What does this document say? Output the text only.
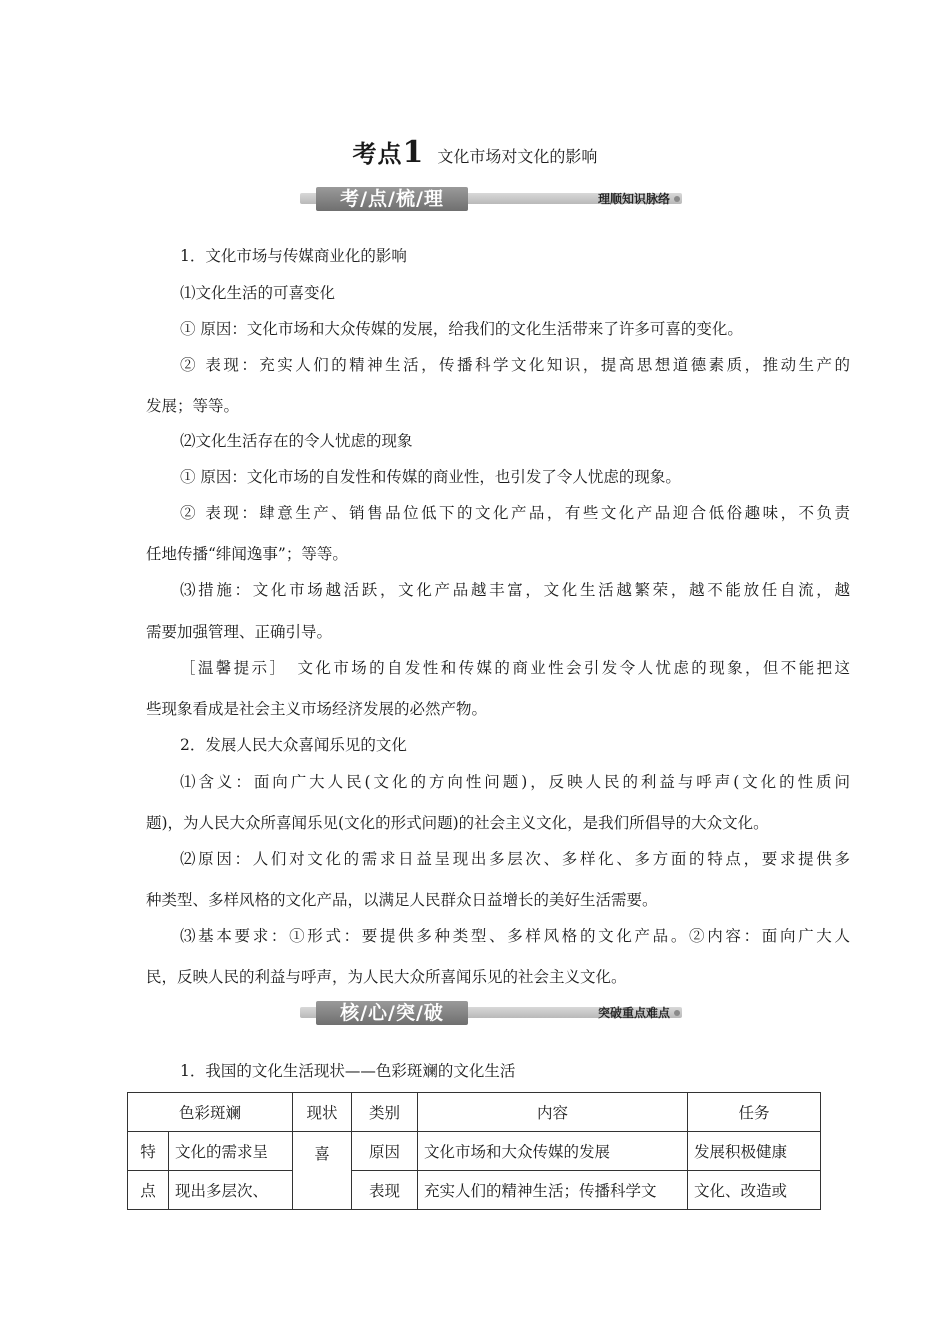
考点1 文化市场对文化的影响
考/点/梳/理	理顺知识脉络
1．文化市场与传媒商业化的影响
⑴文化生活的可喜变化
① 原因：文化市场和大众传媒的发展，给我们的文化生活带来了许多可喜的变化。
② 表现：充实人们的精神生活，传播科学文化知识，提高思想道德素质，推动生产的
发展；等等。
⑵文化生活存在的令人忧虑的现象
① 原因：文化市场的自发性和传媒的商业性，也引发了令人忧虑的现象。
② 表现：肆意生产、销售品位低下的文化产品，有些文化产品迎合低俗趣味，不负责
任地传播“绯闻逸事”；等等。
⑶措施：文化市场越活跃，文化产品越丰富，文化生活越繁荣，越不能放任自流，越
需要加强管理、正确引导。
［温馨提示］　文化市场的自发性和传媒的商业性会引发令人忧虑的现象，但不能把这
些现象看成是社会主义市场经济发展的必然产物。
2．发展人民大众喜闻乐见的文化
⑴含义：面向广大人民(文化的方向性问题)，反映人民的利益与呼声(文化的性质问
题)，为人民大众所喜闻乐见(文化的形式问题)的社会主义文化，是我们所倡导的大众文化。
⑵原因：人们对文化的需求日益呈现出多层次、多样化、多方面的特点，要求提供多
种类型、多样风格的文化产品，以满足人民群众日益增长的美好生活需要。
⑶基本要求：①形式：要提供多种类型、多样风格的文化产品。②内容：面向广大人
民，反映人民的利益与呼声，为人民大众所喜闻乐见的社会主义文化。
1．我国的文化生活现状——色彩斑斓的文化生活
核/心/突/破	突破重点难点
色彩斑斓		现状	类别	内容	任务
特	文化的需求呈	喜	原因	文化市场和大众传媒的发展	发展积极健康
点	现出多层次、		表现	充实人们的精神生活；传播科学文	文化、改造或
